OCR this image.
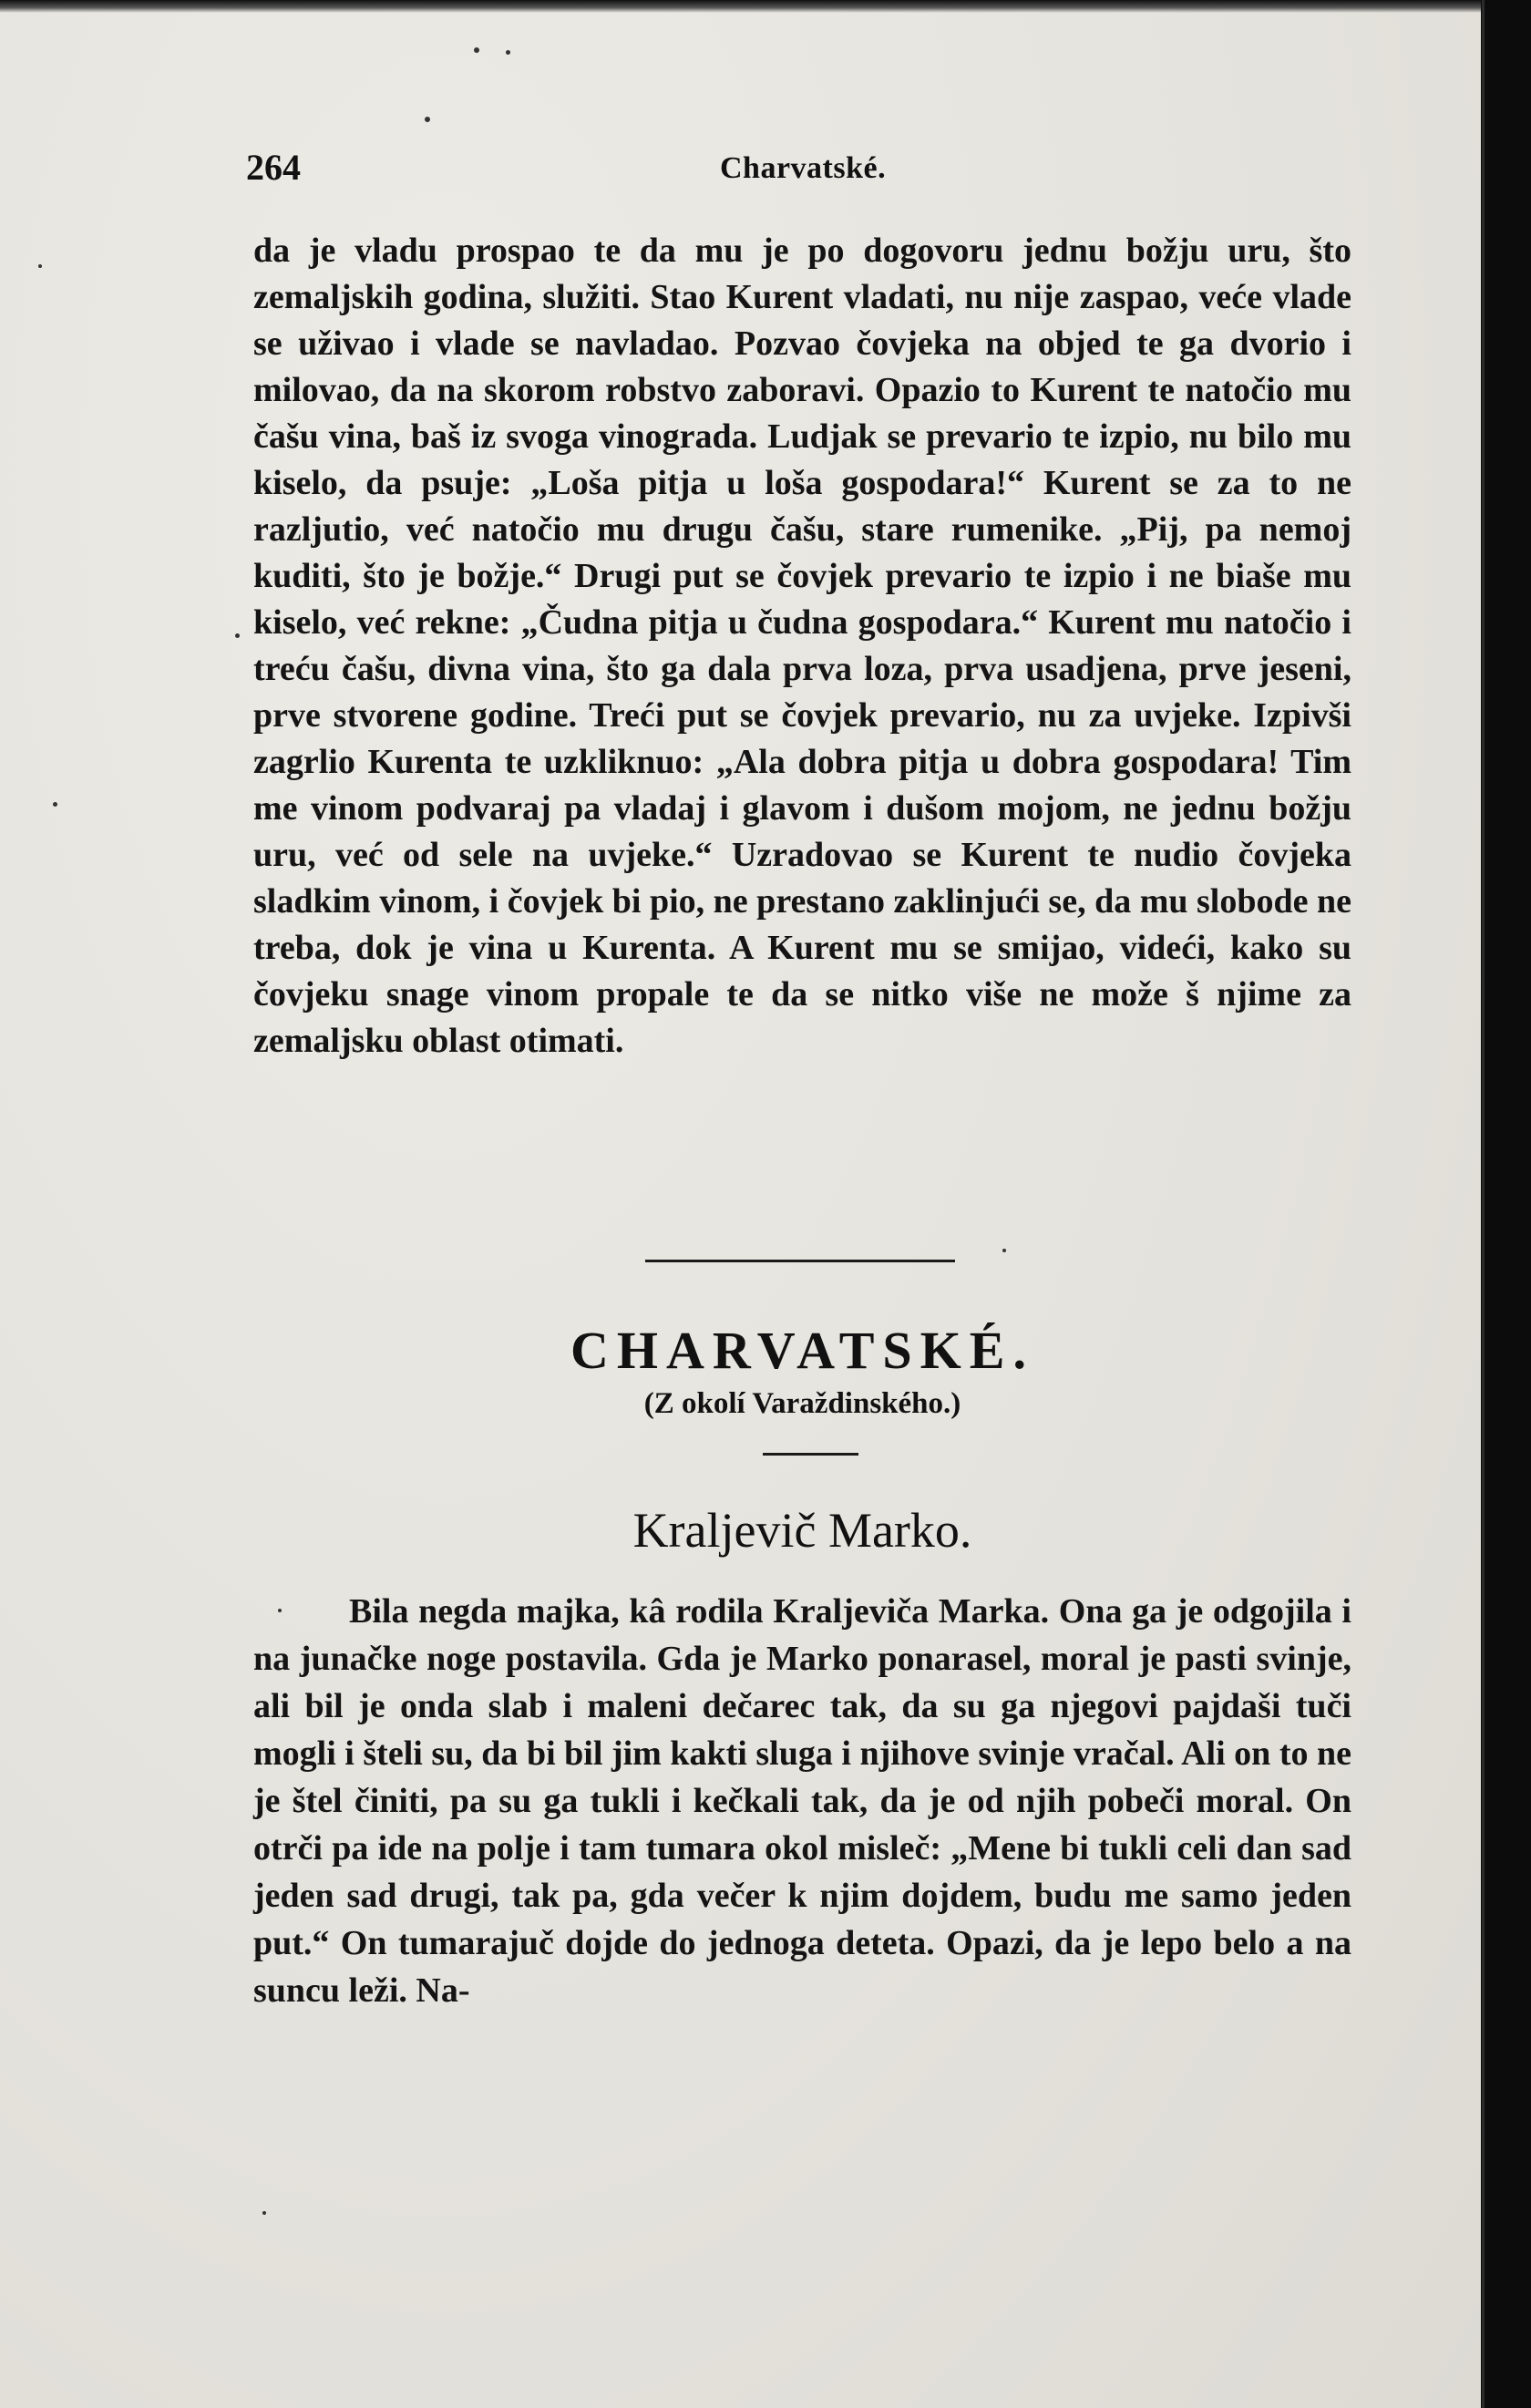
264	Charvatské.

da je vladu prospao te da mu je po dogovoru jednu božju uru, što zemaljskih godina, služiti. Stao Kurent vladati, nu nije zaspao, veće vlade se uživao i vlade se navladao. Pozvao čovjeka na objed te ga dvorio i milovao, da na skorom robstvo zaboravi. Opazio to Kurent te natočio mu čašu vina, baš iz svoga vinograda. Ludjak se prevario te izpio, nu bilo mu kiselo, da psuje: „Loša pitja u loša gospodara!“ Kurent se za to ne razljutio, već natočio mu drugu čašu, stare rumenike. „Pij, pa nemoj kuditi, što je božje.“ Drugi put se čovjek prevario te izpio i ne biaše mu kiselo, već rekne: „Čudna pitja u čudna gospodara.“ Kurent mu natočio i treću čašu, divna vina, što ga dala prva loza, prva usadjena, prve jeseni, prve stvorene godine. Treći put se čovjek prevario, nu za uvjeke. Izpivši zagrlio Kurenta te uzkliknuo: „Ala dobra pitja u dobra gospodara! Tim me vinom podvaraj pa vladaj i glavom i dušom mojom, ne jednu božju uru, već od sele na uvjeke.“ Uzradovao se Kurent te nudio čovjeka sladkim vinom, i čovjek bi pio, ne prestano zaklinjući se, da mu slobode ne treba, dok je vina u Kurenta. A Kurent mu se smijao, videći, kako su čovjeku snage vinom propale te da se nitko više ne može š njime za zemaljsku oblast otimati.

CHARVATSKÉ.

(Z okolí Varaždinského.)

Kraljevič Marko.

Bila negda majka, kâ rodila Kraljeviča Marka. Ona ga je odgojila i na junačke noge postavila. Gda je Marko ponarasel, moral je pasti svinje, ali bil je onda slab i maleni dečarec tak, da su ga njegovi pajdaši tuči mogli i šteli su, da bi bil jim kakti sluga i njihove svinje vračal. Ali on to ne je štel činiti, pa su ga tukli i kečkali tak, da je od njih pobeči moral. On otrči pa ide na polje i tam tumara okol misleč: „Mene bi tukli celi dan sad jeden sad drugi, tak pa, gda večer k njim dojdem, budu me samo jeden put.“ On tumarajuč dojde do jednoga deteta. Opazi, da je lepo belo a na suncu leži. Na-
